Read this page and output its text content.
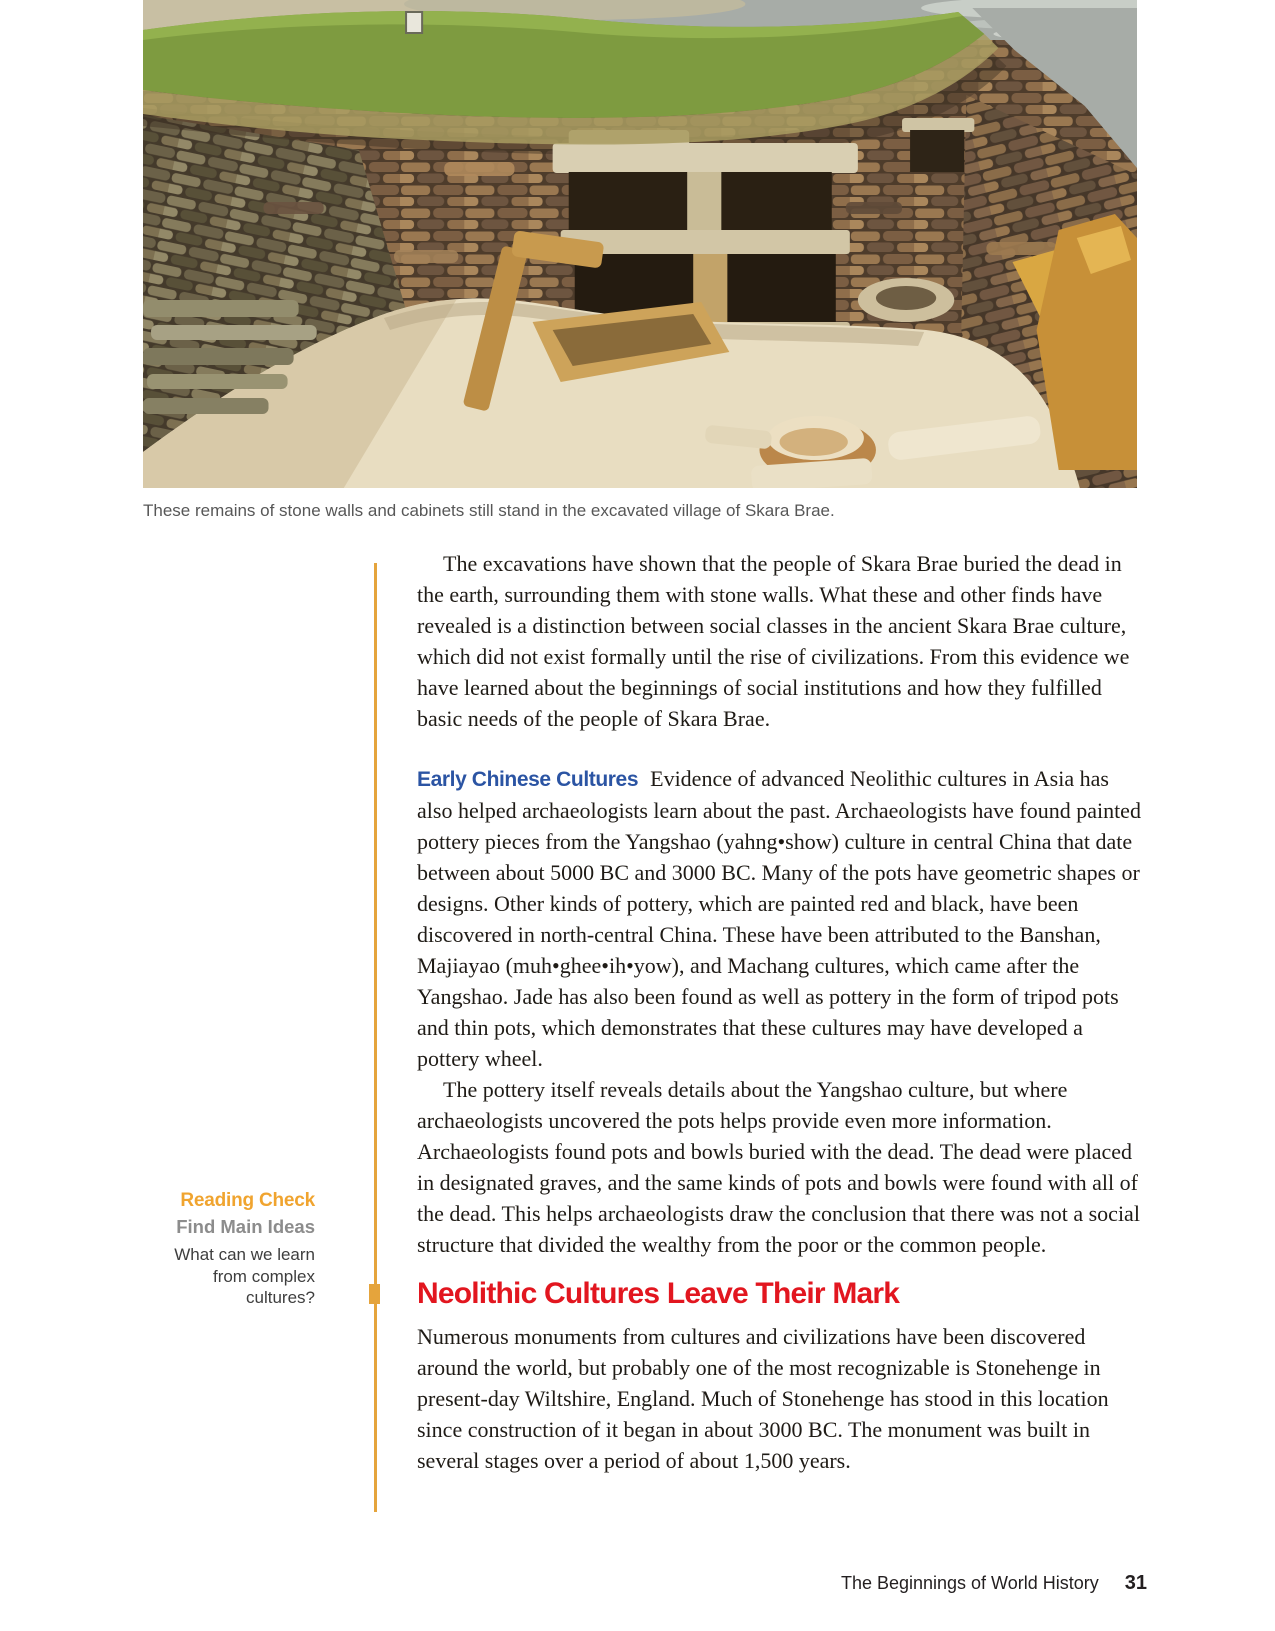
These remains of stone walls and cabinets still stand in the excavated village of Skara Brae.
Reading Check
Find Main Ideas
What can we learn from complex cultures?

The excavations have shown that the people of Skara Brae buried the dead in the earth, surrounding them with stone walls. What these and other finds have revealed is a distinction between social classes in the ancient Skara Brae culture, which did not exist formally until the rise of civilizations. From this evidence we have learned about the beginnings of social institutions and how they fulfilled basic needs of the people of Skara Brae.

Early Chinese Cultures Evidence of advanced Neolithic cultures in Asia has also helped archaeologists learn about the past. Archaeologists have found painted pottery pieces from the Yangshao (yahng•show) culture in central China that date between about 5000 BC and 3000 BC. Many of the pots have geometric shapes or designs. Other kinds of pottery, which are painted red and black, have been discovered in north-central China. These have been attributed to the Banshan, Majiayao (muh•ghee•ih•yow), and Machang cultures, which came after the Yangshao. Jade has also been found as well as pottery in the form of tripod pots and thin pots, which demonstrates that these cultures may have developed a pottery wheel.

The pottery itself reveals details about the Yangshao culture, but where archaeologists uncovered the pots helps provide even more information. Archaeologists found pots and bowls buried with the dead. The dead were placed in designated graves, and the same kinds of pots and bowls were found with all of the dead. This helps archaeologists draw the conclusion that there was not a social structure that divided the wealthy from the poor or the common people.

Neolithic Cultures Leave Their Mark

Numerous monuments from cultures and civilizations have been discovered around the world, but probably one of the most recognizable is Stonehenge in present-day Wiltshire, England. Much of Stonehenge has stood in this location since construction of it began in about 3000 BC. The monument was built in several stages over a period of about 1,500 years.

The Beginnings of World History 31
